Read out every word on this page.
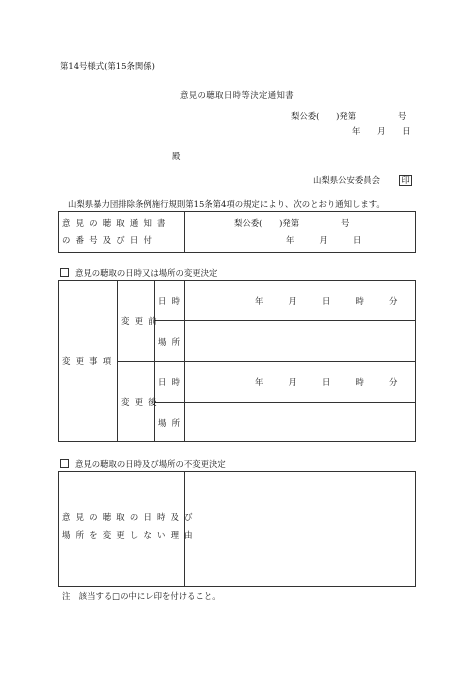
第14号様式(第15条関係)
意見の聴取日時等決定通知書
梨公委(　　)発第　　　　　号
年　　月　　日
殿
山梨県公安委員会	印
山梨県暴力団排除条例施行規則第15条第4項の規定により、次のとおり通知します。
意見の聴取通知書
の番号及び日付
梨公委(　　)発第　　　　　号
年　　　月　　　日
意見の聴取の日時又は場所の変更決定
変更事項
変更前
変更後
日時
場所
日時
場所
年　　　月　　　日　　　時　　　分
年　　　月　　　日　　　時　　　分
意見の聴取の日時及び場所の不変更決定
意見の聴取の日時及び
場所を変更しない理由
注　該当する□の中にレ印を付けること。
